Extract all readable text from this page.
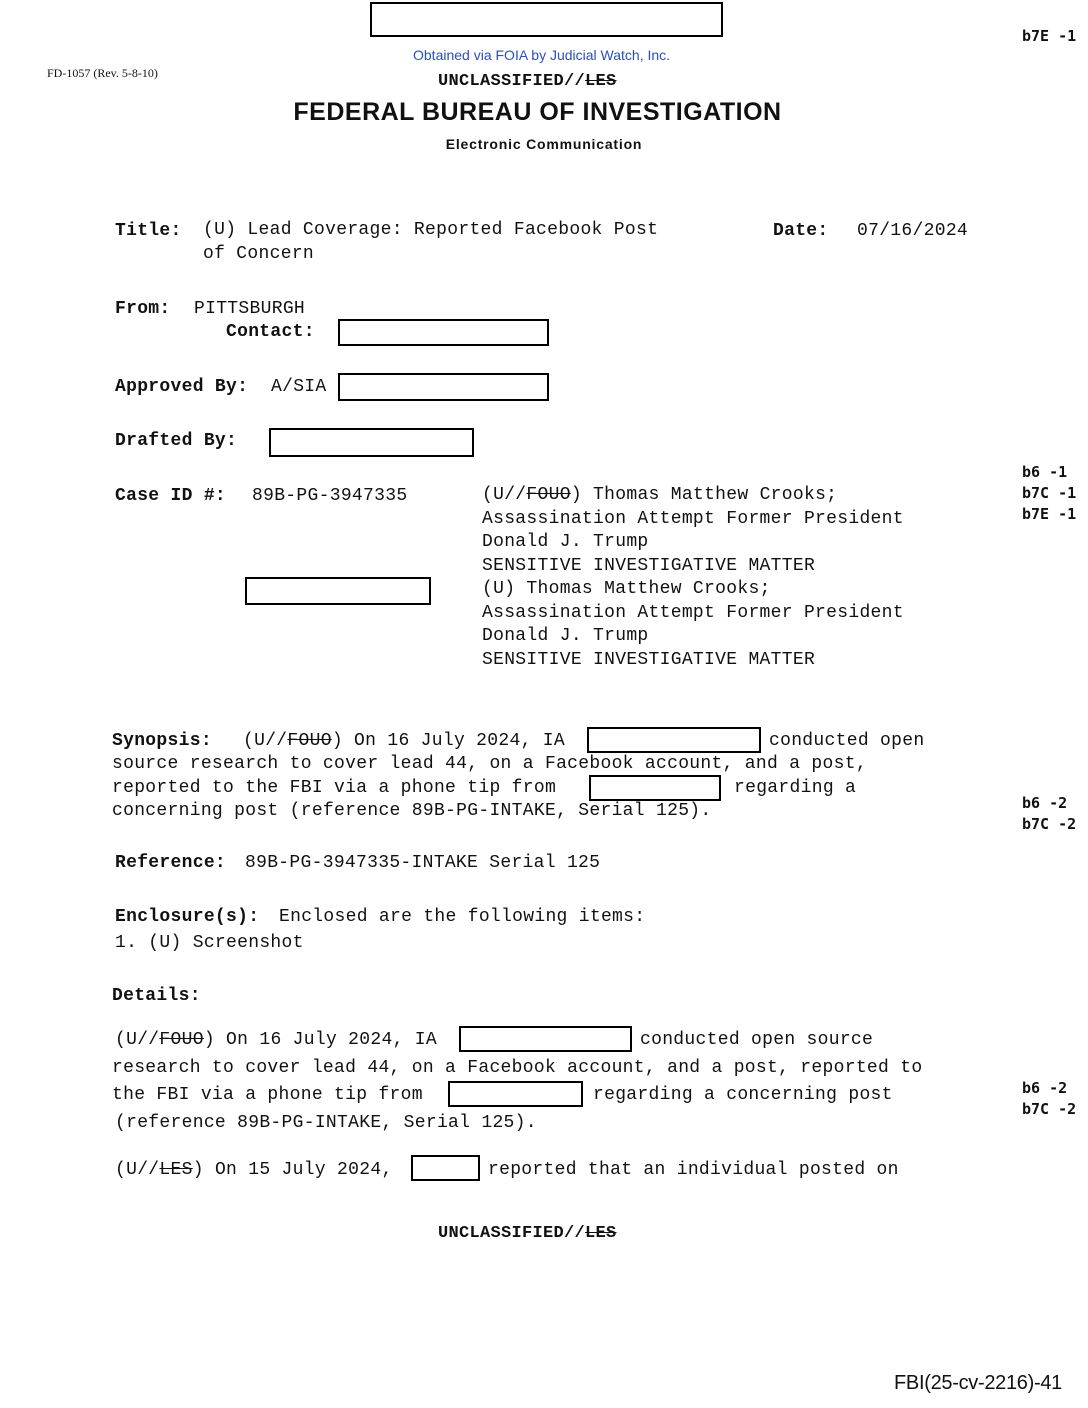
b7E -1
Obtained via FOIA by Judicial Watch, Inc.
FD-1057 (Rev. 5-8-10)	UNCLASSIFIED//LES
FEDERAL BUREAU OF INVESTIGATION
Electronic Communication
Title: (U) Lead Coverage: Reported Facebook Post
of Concern
Date: 07/16/2024
From: PITTSBURGH
Contact:
Approved By: A/SIA
Drafted By:
Case ID #: 89B-PG-3947335	(U//FOUO) Thomas Matthew Crooks;
Assassination Attempt Former President
Donald J. Trump
SENSITIVE INVESTIGATIVE MATTER
(U) Thomas Matthew Crooks;
Assassination Attempt Former President
Donald J. Trump
SENSITIVE INVESTIGATIVE MATTER
b6 -1
b7C -1
b7E -1
Synopsis: (U//FOUO) On 16 July 2024, IA	conducted open
source research to cover lead 44, on a Facebook account, and a post,
reported to the FBI via a phone tip from	regarding a
concerning post (reference 89B-PG-INTAKE, Serial 125).	b6 -2
b7C -2
Reference: 89B-PG-3947335-INTAKE Serial 125
Enclosure(s): Enclosed are the following items:
1. (U) Screenshot
Details:
(U//FOUO) On 16 July 2024, IA	conducted open source
research to cover lead 44, on a Facebook account, and a post, reported to
the FBI via a phone tip from	regarding a concerning post
(reference 89B-PG-INTAKE, Serial 125).
b6 -2
b7C -2
(U//LES) On 15 July 2024,	reported that an individual posted on
UNCLASSIFIED//LES
FBI(25-cv-2216)-41
